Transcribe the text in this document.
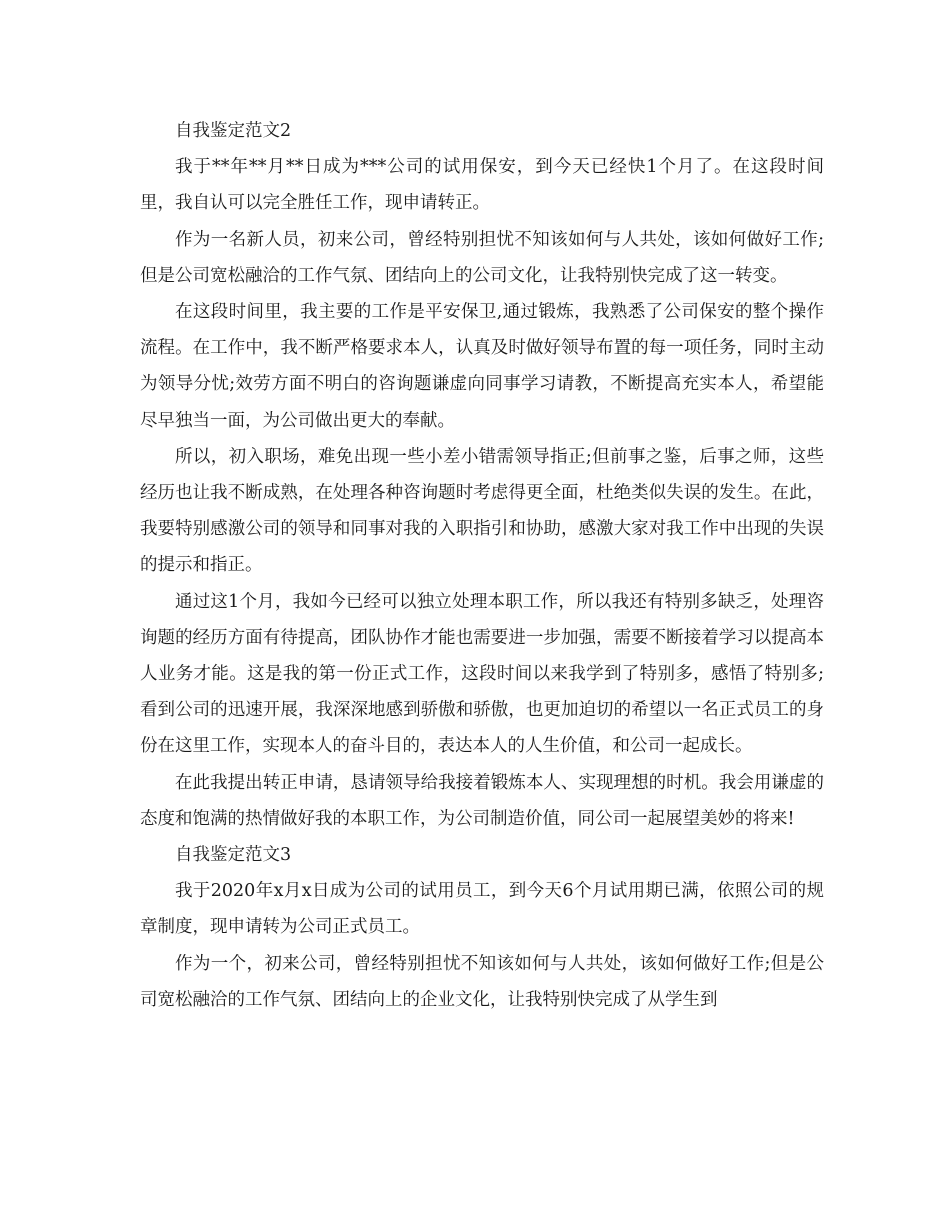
自我鉴定范文2

我于**年**月**日成为***公司的试用保安，到今天已经快1个月了。在这段时间里，我自认可以完全胜任工作，现申请转正。

作为一名新人员，初来公司，曾经特别担忧不知该如何与人共处，该如何做好工作;但是公司宽松融洽的工作气氛、团结向上的公司文化，让我特别快完成了这一转变。

在这段时间里，我主要的工作是平安保卫,通过锻炼，我熟悉了公司保安的整个操作流程。在工作中，我不断严格要求本人，认真及时做好领导布置的每一项任务，同时主动为领导分忧;效劳方面不明白的咨询题谦虚向同事学习请教，不断提高充实本人，希望能尽早独当一面，为公司做出更大的奉献。

所以，初入职场，难免出现一些小差小错需领导指正;但前事之鉴，后事之师，这些经历也让我不断成熟，在处理各种咨询题时考虑得更全面，杜绝类似失误的发生。在此，我要特别感激公司的领导和同事对我的入职指引和协助，感激大家对我工作中出现的失误的提示和指正。

通过这1个月，我如今已经可以独立处理本职工作，所以我还有特别多缺乏，处理咨询题的经历方面有待提高，团队协作才能也需要进一步加强，需要不断接着学习以提高本人业务才能。这是我的第一份正式工作，这段时间以来我学到了特别多，感悟了特别多;看到公司的迅速开展，我深深地感到骄傲和骄傲，也更加迫切的希望以一名正式员工的身份在这里工作，实现本人的奋斗目的，表达本人的人生价值，和公司一起成长。

在此我提出转正申请，恳请领导给我接着锻炼本人、实现理想的时机。我会用谦虚的态度和饱满的热情做好我的本职工作，为公司制造价值，同公司一起展望美妙的将来!

自我鉴定范文3

我于2020年x月x日成为公司的试用员工，到今天6个月试用期已满，依照公司的规章制度，现申请转为公司正式员工。

作为一个，初来公司，曾经特别担忧不知该如何与人共处，该如何做好工作;但是公司宽松融洽的工作气氛、团结向上的企业文化，让我特别快完成了从学生到
